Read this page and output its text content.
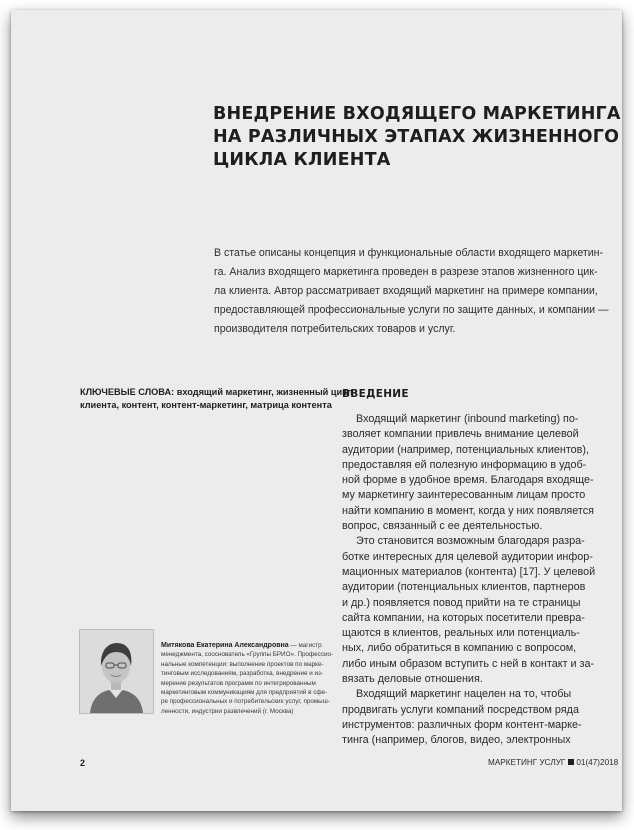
ВНЕДРЕНИЕ ВХОДЯЩЕГО МАРКЕТИНГА
НА РАЗЛИЧНЫХ ЭТАПАХ ЖИЗНЕННОГО
ЦИКЛА КЛИЕНТА
В статье описаны концепция и функциональные области входящего маркетин-
га. Анализ входящего маркетинга проведен в разрезе этапов жизненного цик-
ла клиента. Автор рассматривает входящий маркетинг на примере компании,
предоставляющей профессиональные услуги по защите данных, и компании —
производителя потребительских товаров и услуг.
КЛЮЧЕВЫЕ СЛОВА: входящий маркетинг, жизненный цикл
клиента, контент, контент-маркетинг, матрица контента
ВВЕДЕНИЕ
Входящий маркетинг (inbound marketing) по-
зволяет компании привлечь внимание целевой
аудитории (например, потенциальных клиентов),
предоставляя ей полезную информацию в удоб-
ной форме в удобное время. Благодаря входяще-
му маркетингу заинтересованным лицам просто
найти компанию в момент, когда у них появляется
вопрос, связанный с ее деятельностью.
Это становится возможным благодаря разра-
ботке интересных для целевой аудитории инфор-
мационных материалов (контента) [17]. У целевой
аудитории (потенциальных клиентов, партнеров
и др.) появляется повод прийти на те страницы
сайта компании, на которых посетители превра-
щаются в клиентов, реальных или потенциаль-
ных, либо обратиться в компанию с вопросом,
либо иным образом вступить с ней в контакт и за-
вязать деловые отношения.
Входящий маркетинг нацелен на то, чтобы
продвигать услуги компаний посредством ряда
инструментов: различных форм контент-марке-
тинга (например, блогов, видео, электронных
Митякова Екатерина Александровна — магистр
менеджмента, сооснователь «Группы БРИО». Профессио-
нальные компетенции: выполнение проектов по марке-
тинговым исследованиям, разработка, внедрение и из-
мерение результатов программ по интегрированным
маркетинговым коммуникациям для предприятий в сфе-
ре профессиональных и потребительских услуг, промыш-
ленности, индустрии развлечений (г. Москва)
2	МАРКЕТИНГ УСЛУГ 01(47)2018
